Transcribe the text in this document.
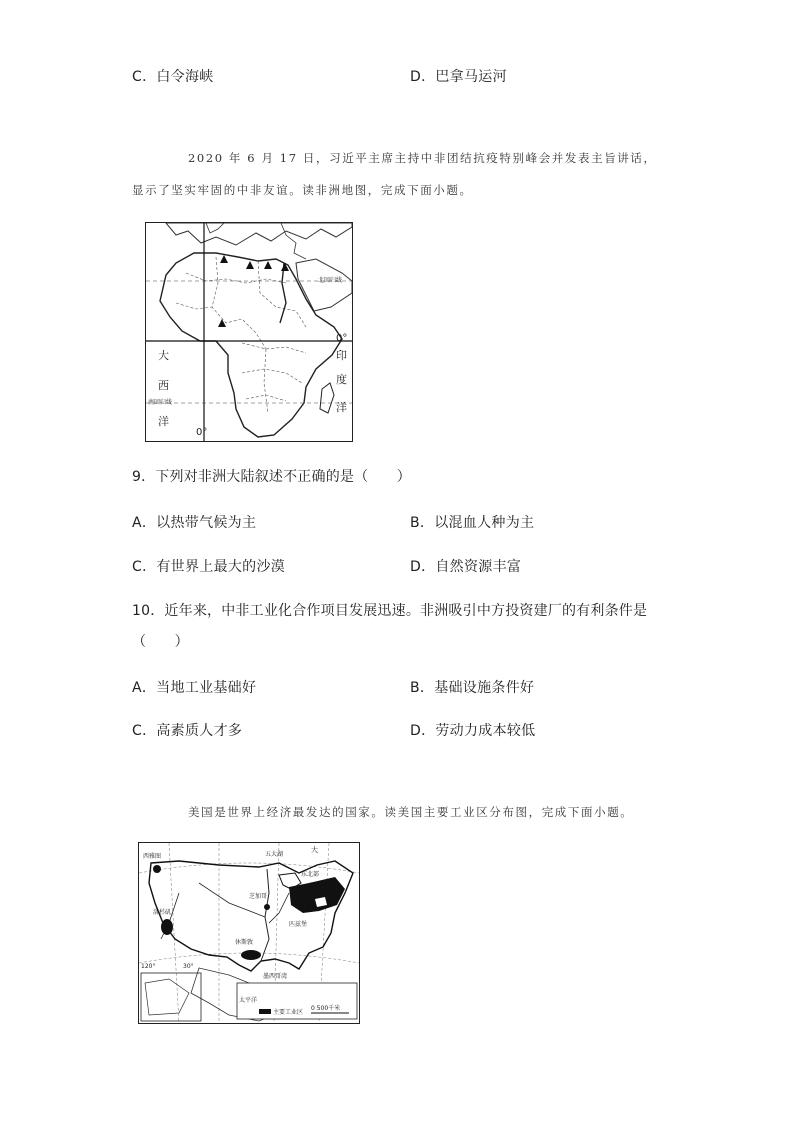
C．白令海峡	D．巴拿马运河
2020 年 6 月 17 日，习近平主席主持中非团结抗疫特别峰会并发表主旨讲话，
显示了坚实牢固的中非友谊。读非洲地图，完成下面小题。
北回归线
南回归线
0°
0°
大
西
洋
印
度
洋
9．下列对非洲大陆叙述不正确的是（　　）
A．以热带气候为主	B．以混血人种为主
C．有世界上最大的沙漠	D．自然资源丰富
10．近年来，中非工业化合作项目发展迅速。非洲吸引中方投资建厂的有利条件是
（　　）
A．当地工业基础好	B．基础设施条件好
C．高素质人才多	D．劳动力成本较低
美国是世界上经济最发达的国家。读美国主要工业区分布图，完成下面小题。
西雅图	五大湖
大
东北部
芝加哥
匹兹堡
休斯敦
洛杉矶
墨西哥湾
太平洋
主要工业区
0 500千米
120°	30°
